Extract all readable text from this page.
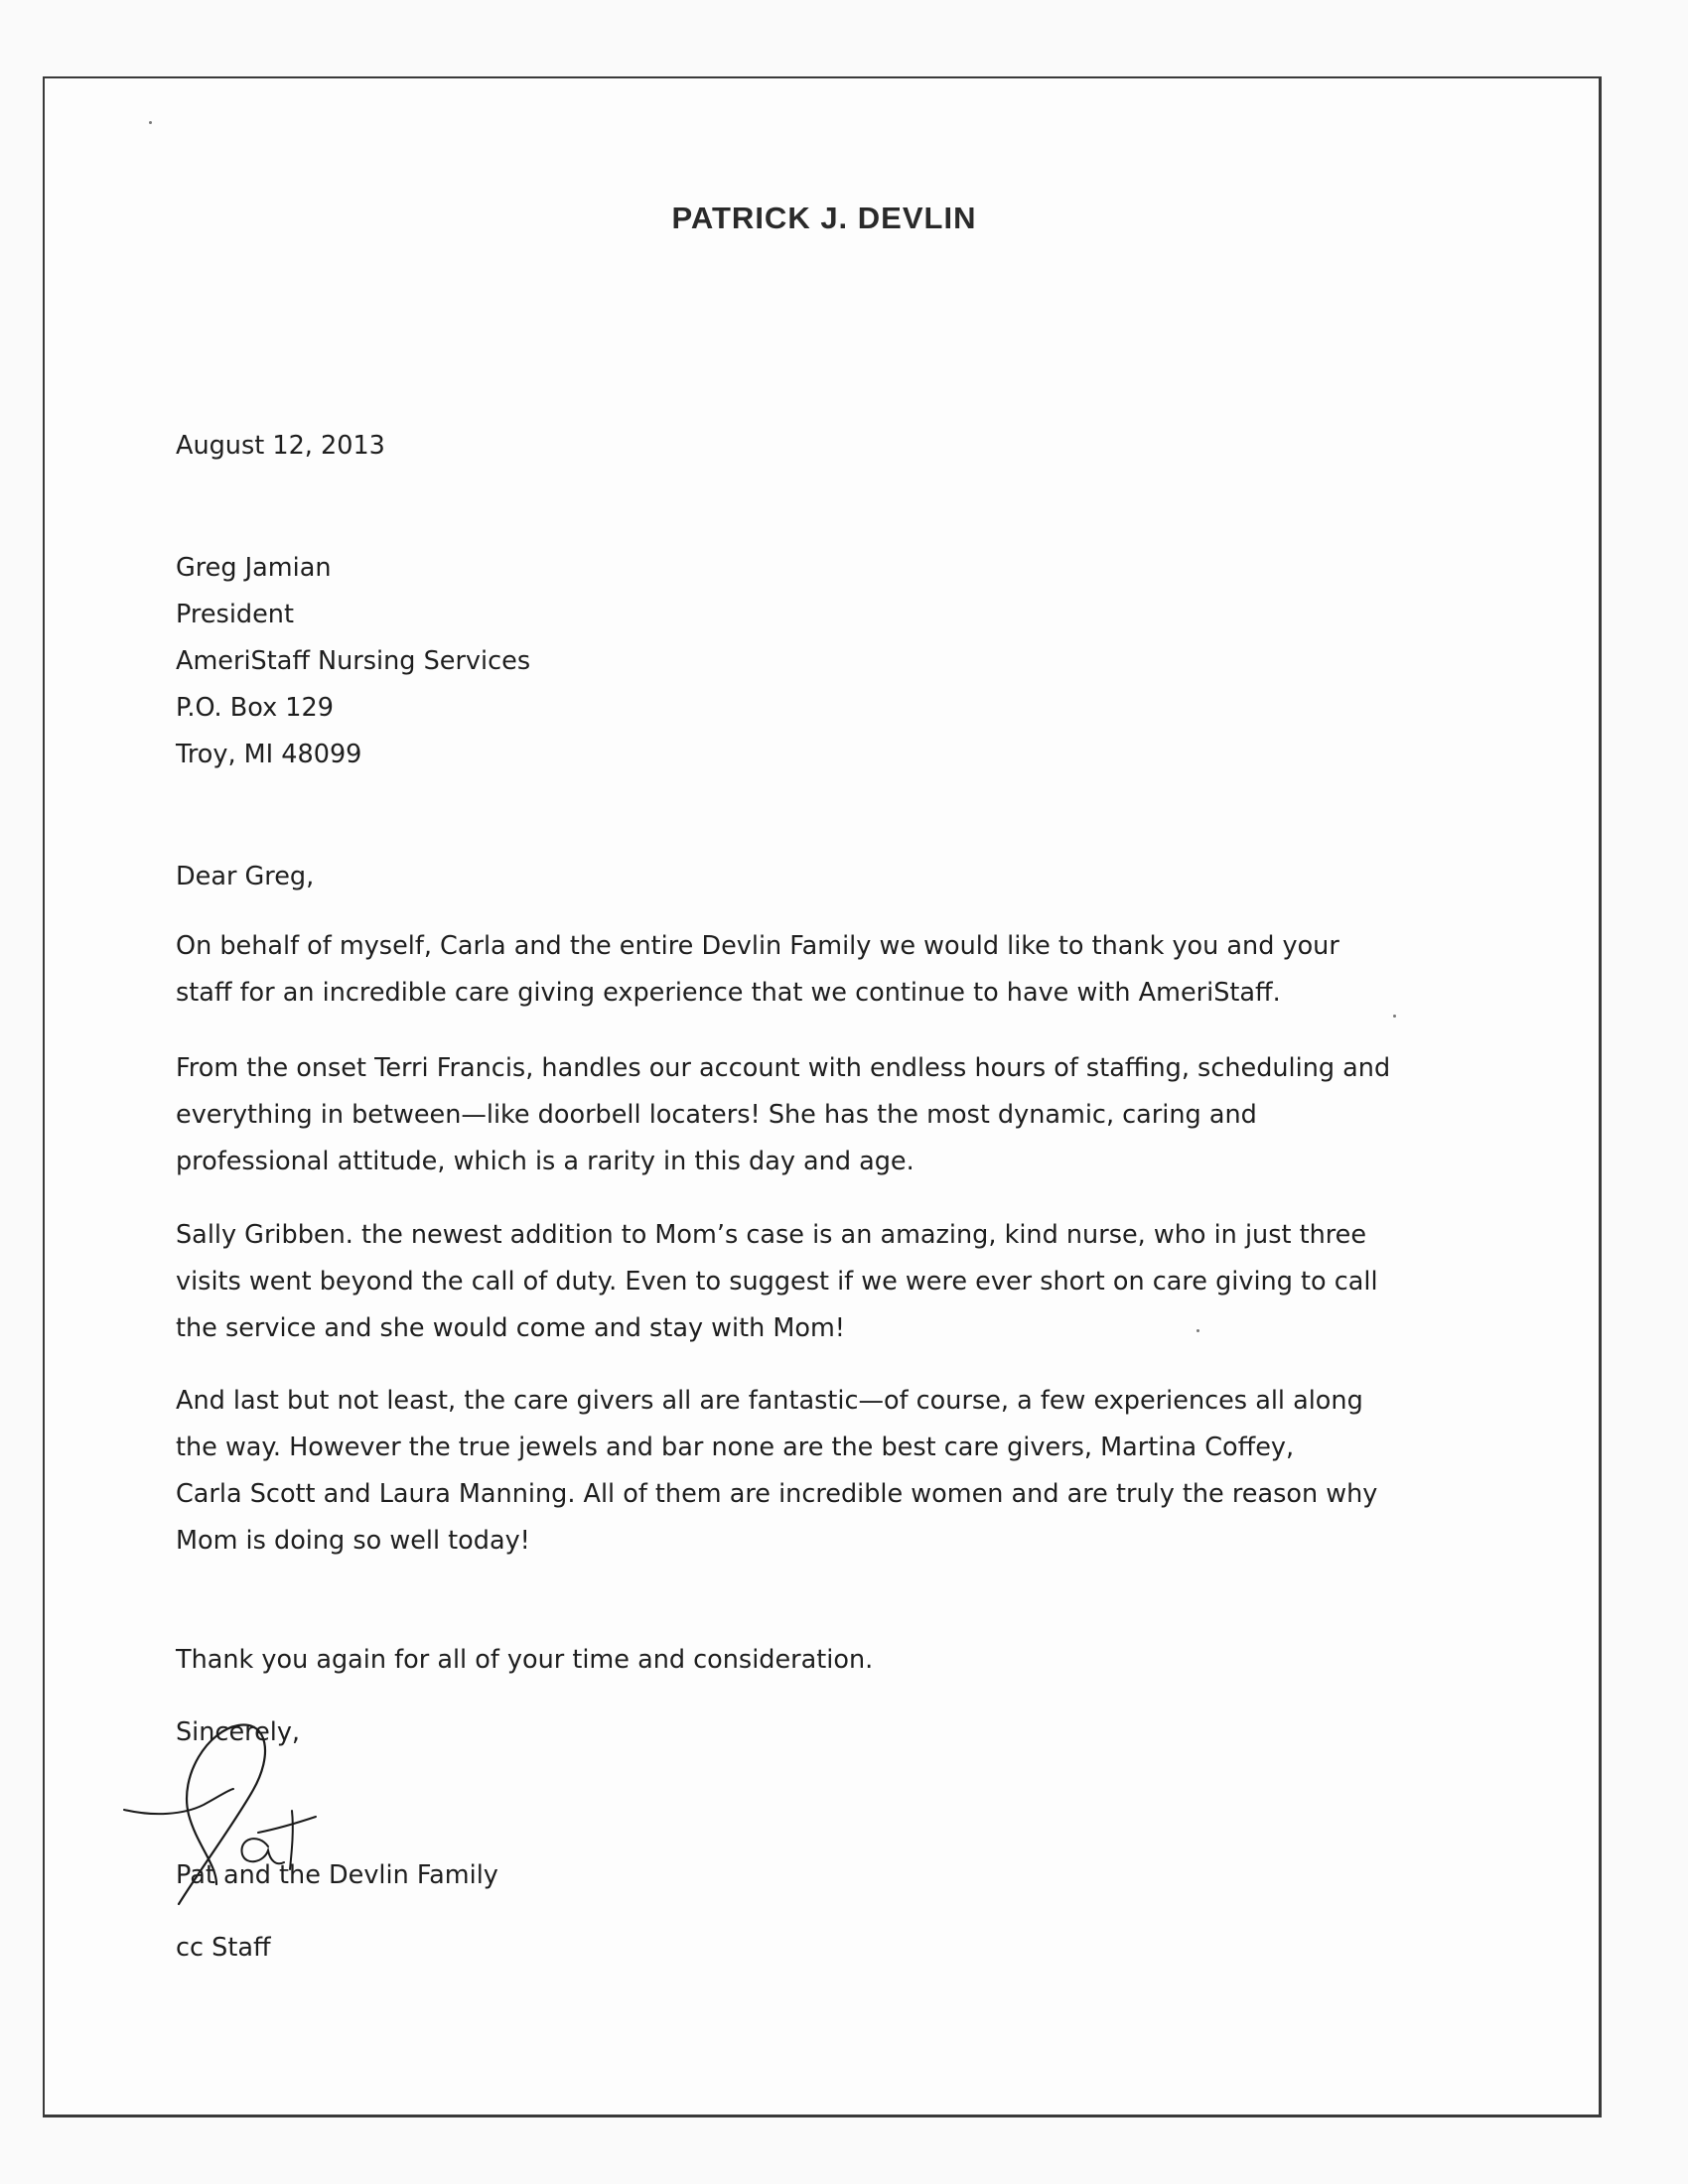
PATRICK J. DEVLIN
August 12, 2013
Greg Jamian
President
AmeriStaff Nursing Services
P.O. Box 129
Troy, MI 48099
Dear Greg,
On behalf of myself, Carla and the entire Devlin Family we would like to thank you and your
staff for an incredible care giving experience that we continue to have with AmeriStaff.
From the onset Terri Francis, handles our account with endless hours of staffing, scheduling and
everything in between—like doorbell locaters! She has the most dynamic, caring and
professional attitude, which is a rarity in this day and age.
Sally Gribben. the newest addition to Mom’s case is an amazing, kind nurse, who in just three
visits went beyond the call of duty. Even to suggest if we were ever short on care giving to call
the service and she would come and stay with Mom!
And last but not least, the care givers all are fantastic—of course, a few experiences all along
the way. However the true jewels and bar none are the best care givers, Martina Coffey,
Carla Scott and Laura Manning. All of them are incredible women and are truly the reason why
Mom is doing so well today!
Thank you again for all of your time and consideration.
Sincerely,
Pat and the Devlin Family
cc Staff
